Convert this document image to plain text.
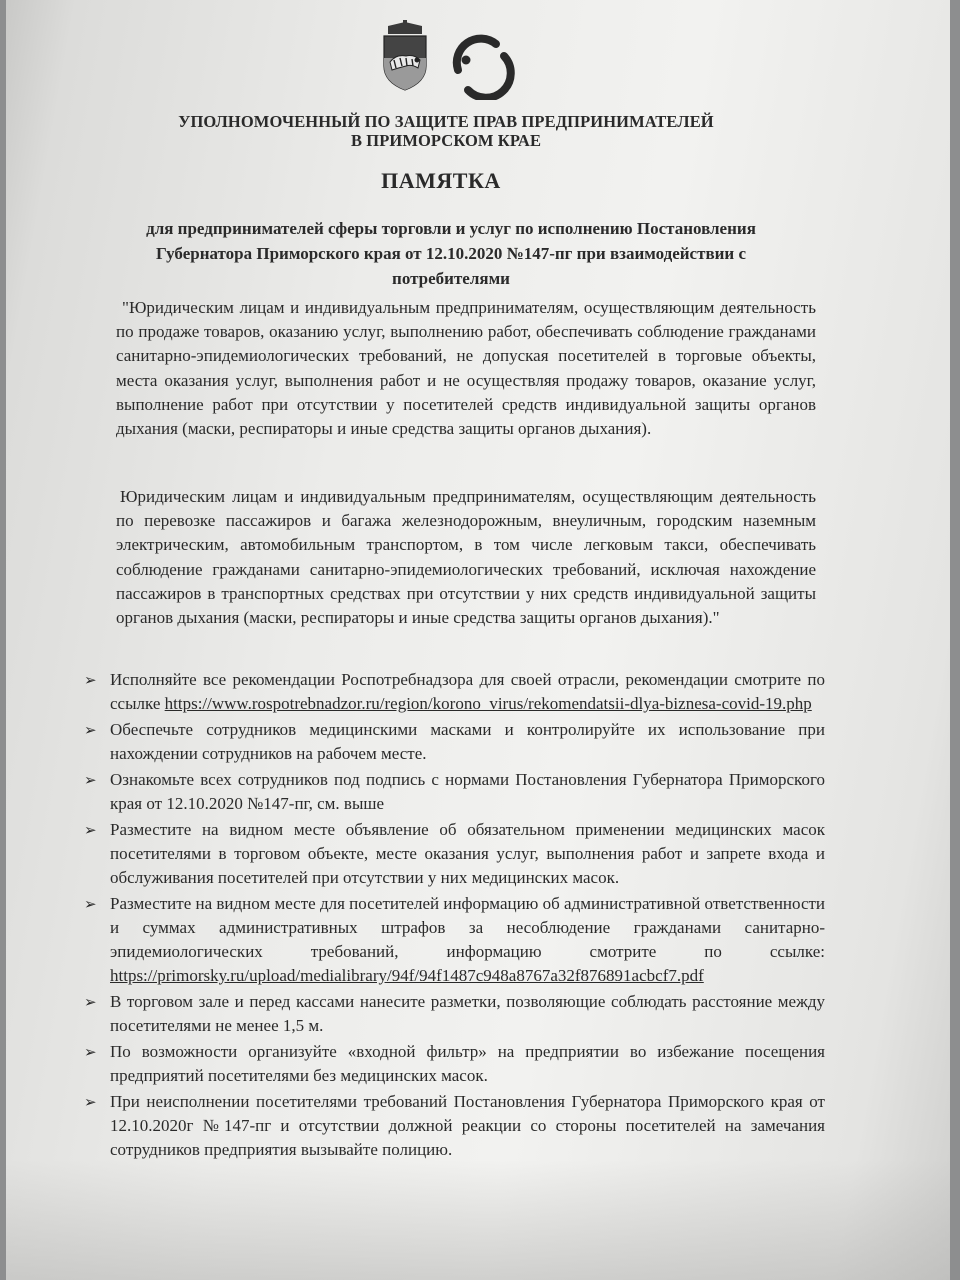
УПОЛНОМОЧЕННЫЙ ПО ЗАЩИТЕ ПРАВ ПРЕДПРИНИМАТЕЛЕЙ
В ПРИМОРСКОМ КРАЕ
ПАМЯТКА
для предпринимателей сферы торговли и услуг по исполнению Постановления Губернатора Приморского края от 12.10.2020 №147-пг при взаимодействии с потребителями
"Юридическим лицам и индивидуальным предпринимателям, осуществляющим деятельность по продаже товаров, оказанию услуг, выполнению работ, обеспечивать соблюдение гражданами санитарно-эпидемиологических требований, не допуская посетителей в торговые объекты, места оказания услуг, выполнения работ и не осуществляя продажу товаров, оказание услуг, выполнение работ при отсутствии у посетителей средств индивидуальной защиты органов дыхания (маски, респираторы и иные средства защиты органов дыхания).
Юридическим лицам и индивидуальным предпринимателям, осуществляющим деятельность по перевозке пассажиров и багажа железнодорожным, внеуличным, городским наземным электрическим, автомобильным транспортом, в том числе легковым такси, обеспечивать соблюдение гражданами санитарно-эпидемиологических требований, исключая нахождение пассажиров в транспортных средствах при отсутствии у них средств индивидуальной защиты органов дыхания (маски, респираторы и иные средства защиты органов дыхания)."
➢ Исполняйте все рекомендации Роспотребнадзора для своей отрасли, рекомендации смотрите по ссылке https://www.rospotrebnadzor.ru/region/korono_virus/rekomendatsii-dlya-biznesa-covid-19.php
➢ Обеспечьте сотрудников медицинскими масками и контролируйте их использование при нахождении сотрудников на рабочем месте.
➢ Ознакомьте всех сотрудников под подпись с нормами Постановления Губернатора Приморского края от 12.10.2020 №147-пг, см. выше
➢ Разместите на видном месте объявление об обязательном применении медицинских масок посетителями в торговом объекте, месте оказания услуг, выполнения работ и запрете входа и обслуживания посетителей при отсутствии у них медицинских масок.
➢ Разместите на видном месте для посетителей информацию об административной ответственности и суммах административных штрафов за несоблюдение гражданами санитарно-эпидемиологических требований, информацию смотрите по ссылке: https://primorsky.ru/upload/medialibrary/94f/94f1487c948a8767a32f876891acbcf7.pdf
➢ В торговом зале и перед кассами нанесите разметки, позволяющие соблюдать расстояние между посетителями не менее 1,5 м.
➢ По возможности организуйте «входной фильтр» на предприятии во избежание посещения предприятий посетителями без медицинских масок.
➢ При неисполнении посетителями требований Постановления Губернатора Приморского края от 12.10.2020г №147-пг и отсутствии должной реакции со стороны посетителей на замечания сотрудников предприятия вызывайте полицию.
